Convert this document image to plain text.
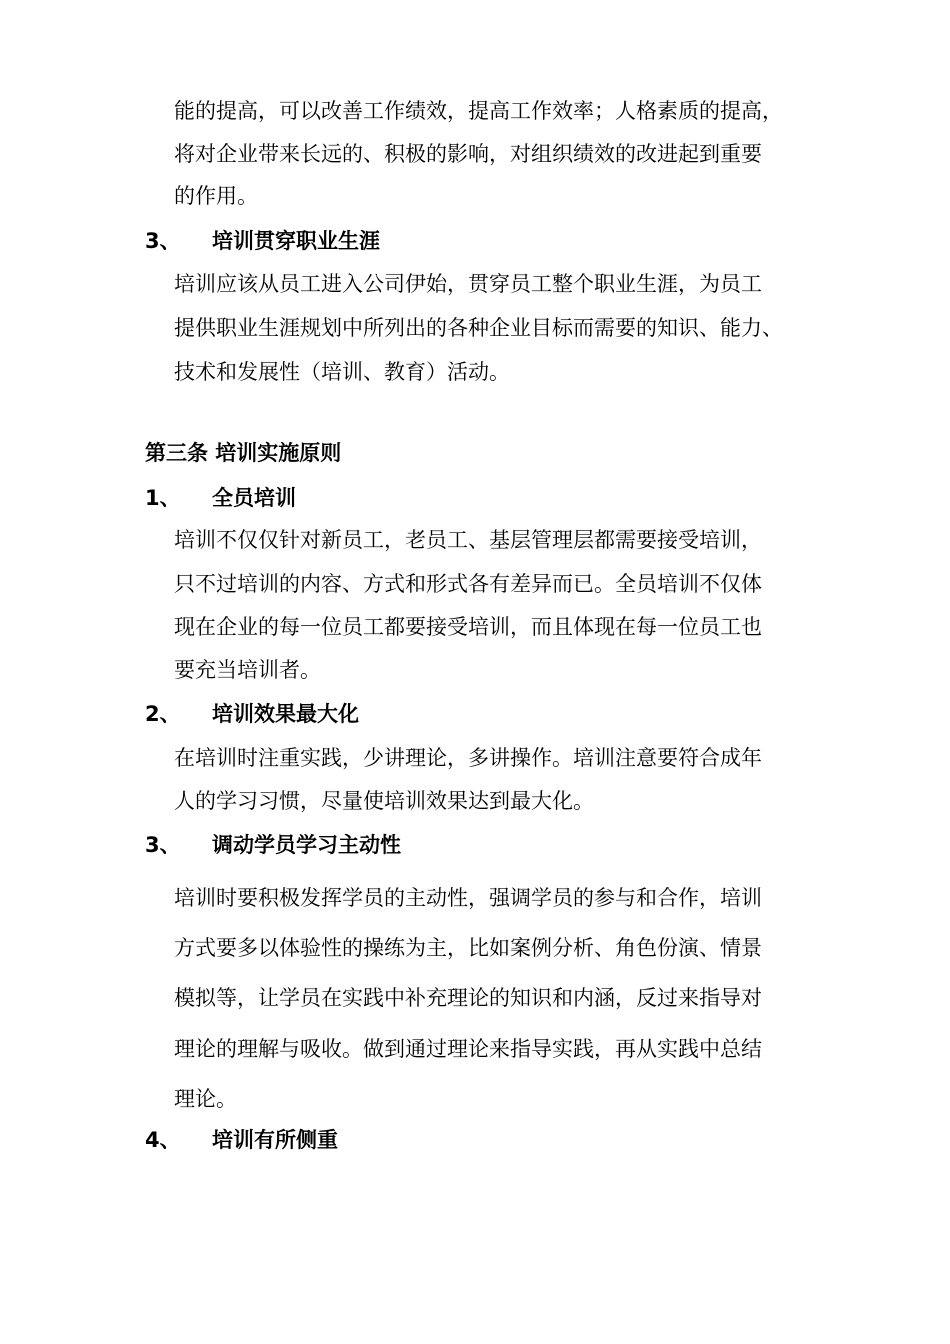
能的提高，可以改善工作绩效，提高工作效率；人格素质的提高，
将对企业带来长远的、积极的影响，对组织绩效的改进起到重要
的作用。
3、 培训贯穿职业生涯
培训应该从员工进入公司伊始，贯穿员工整个职业生涯，为员工
提供职业生涯规划中所列出的各种企业目标而需要的知识、能力、
技术和发展性（培训、教育）活动。
第三条 培训实施原则
1、 全员培训
培训不仅仅针对新员工，老员工、基层管理层都需要接受培训，
只不过培训的内容、方式和形式各有差异而已。全员培训不仅体
现在企业的每一位员工都要接受培训，而且体现在每一位员工也
要充当培训者。
2、 培训效果最大化
在培训时注重实践，少讲理论，多讲操作。培训注意要符合成年
人的学习习惯，尽量使培训效果达到最大化。
3、 调动学员学习主动性
培训时要积极发挥学员的主动性，强调学员的参与和合作，培训
方式要多以体验性的操练为主，比如案例分析、角色份演、情景
模拟等，让学员在实践中补充理论的知识和内涵，反过来指导对
理论的理解与吸收。做到通过理论来指导实践，再从实践中总结
理论。
4、 培训有所侧重
